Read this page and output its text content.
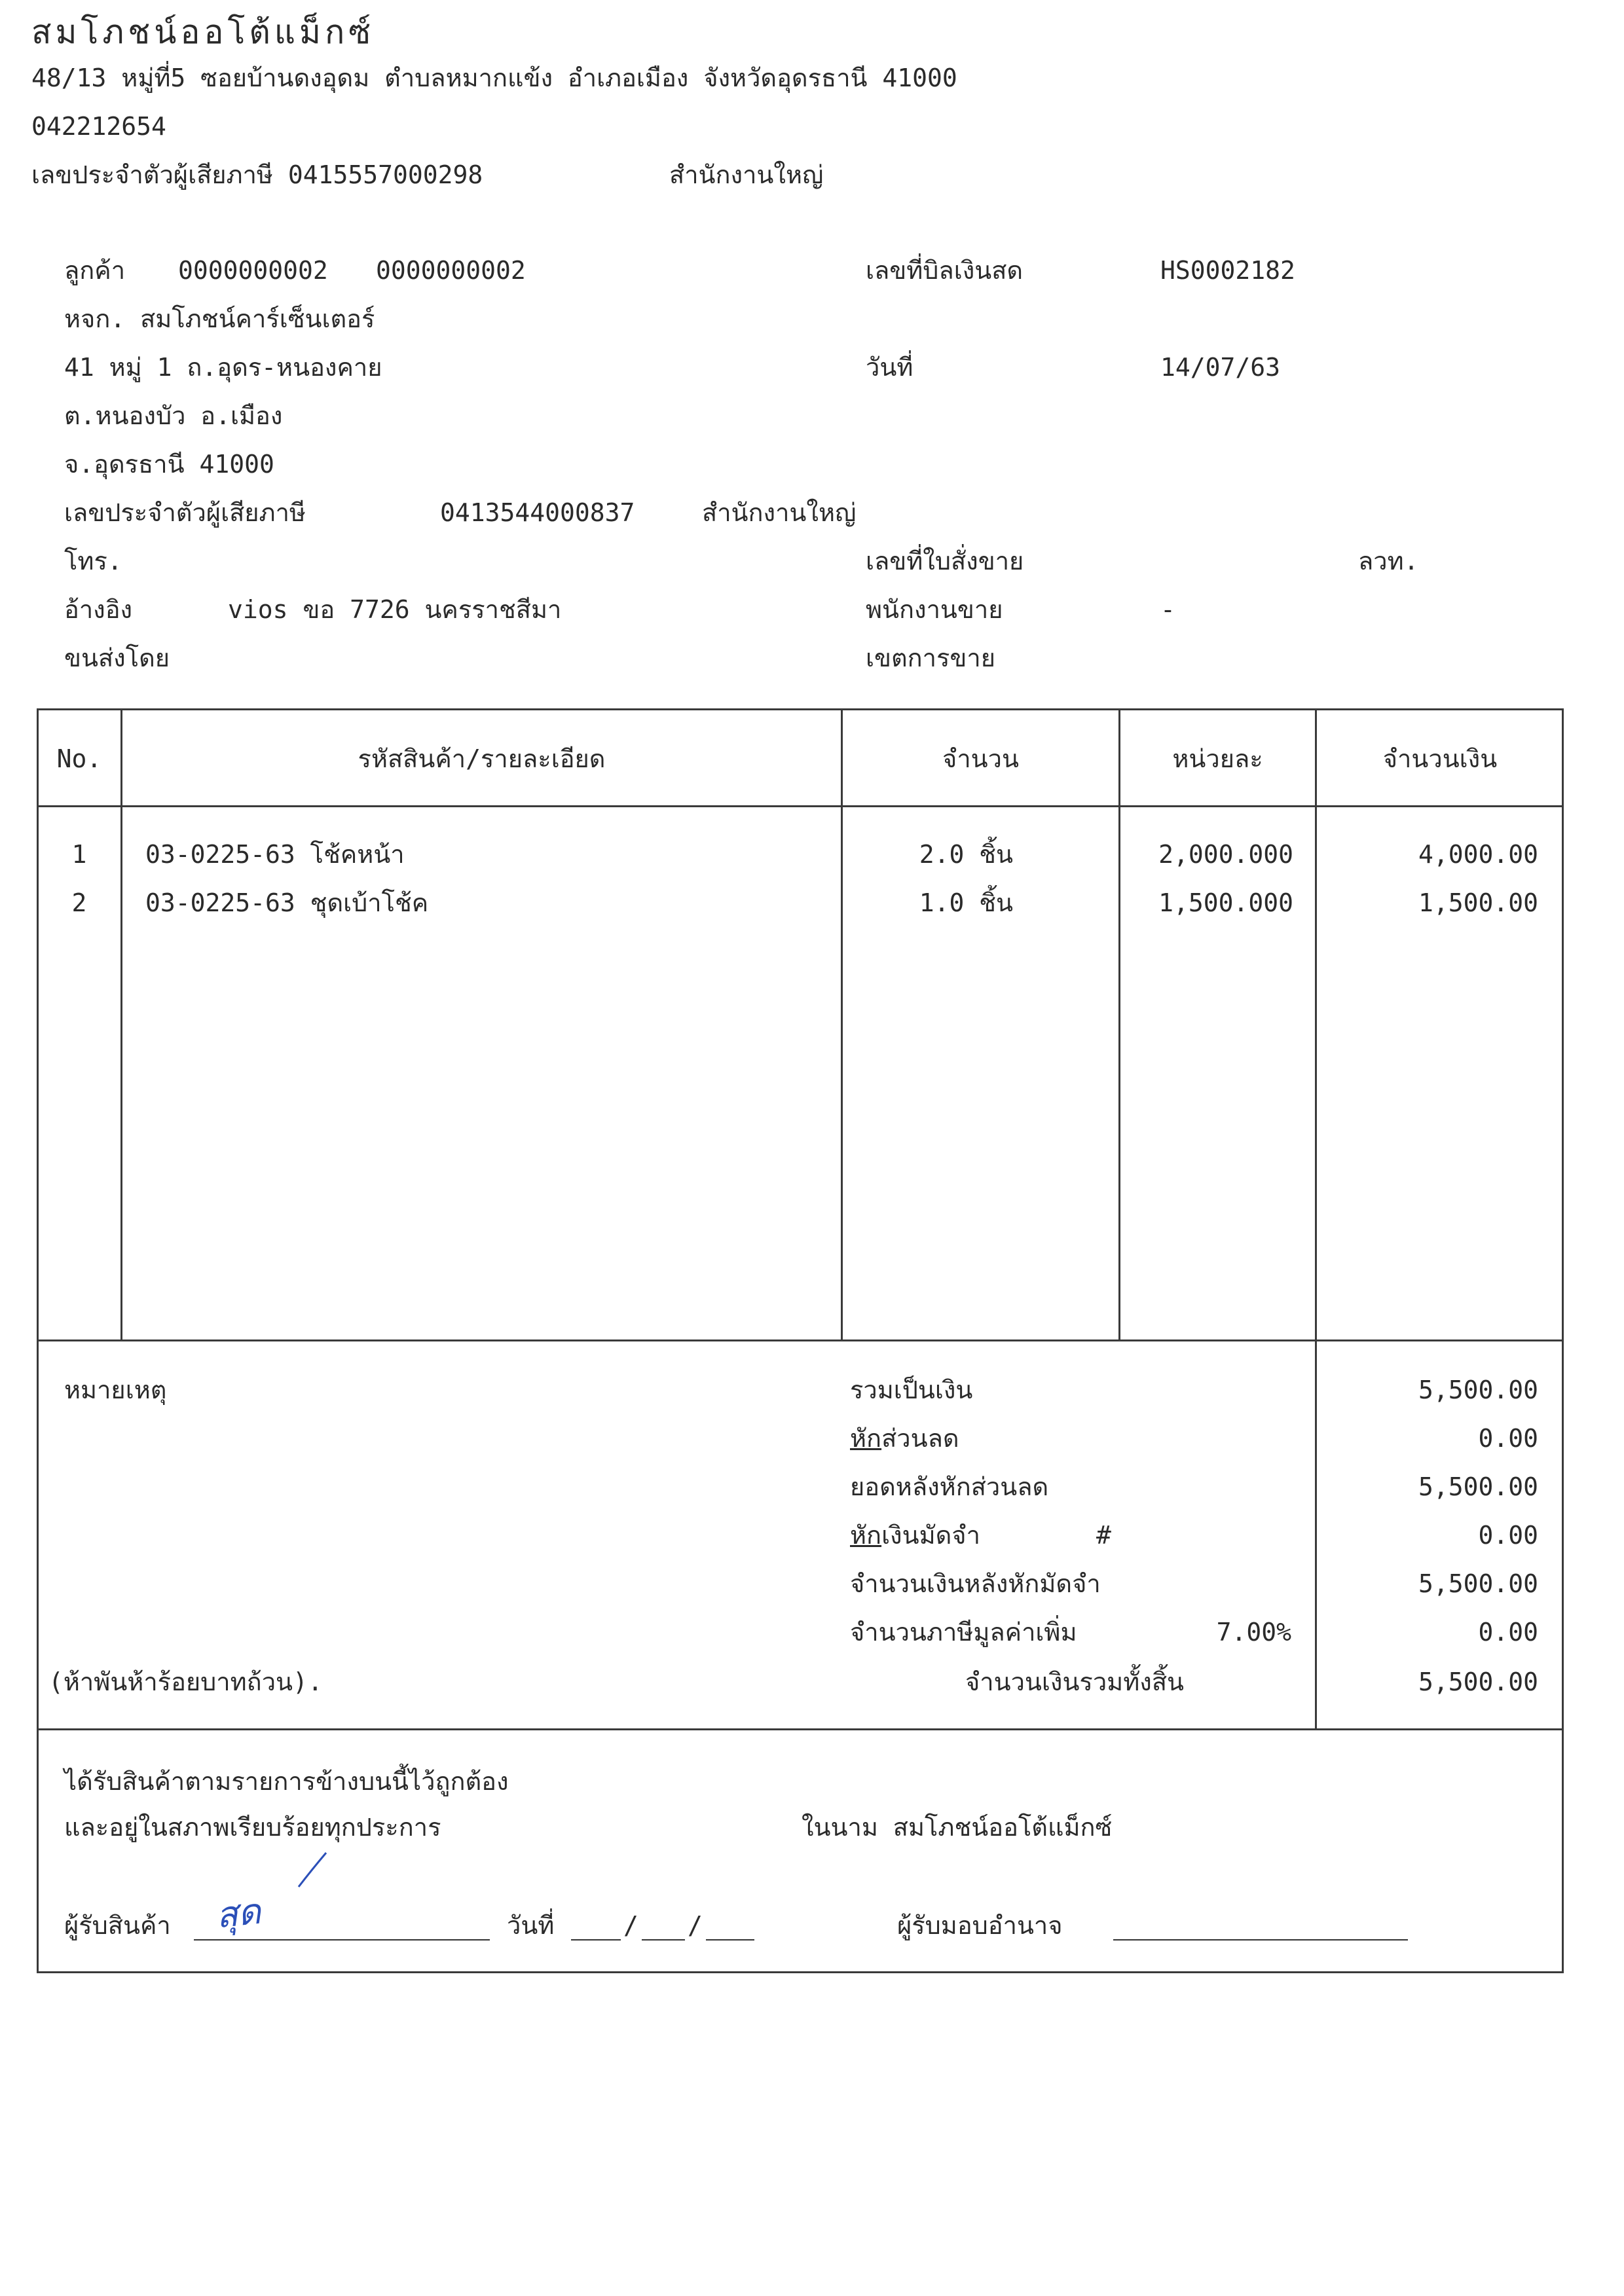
สมโภชน์ออโต้แม็กซ์
48/13 หมู่ที่5 ซอยบ้านดงอุดม ตำบลหมากแข้ง อำเภอเมือง จังหวัดอุดรธานี 41000
042212654
เลขประจำตัวผู้เสียภาษี 0415557000298	สำนักงานใหญ่
ลูกค้า 0000000002 0000000002
หจก. สมโภชน์คาร์เซ็นเตอร์
41 หมู่ 1 ถ.อุดร-หนองคาย
ต.หนองบัว อ.เมือง
จ.อุดรธานี 41000
เลขประจำตัวผู้เสียภาษี	0413544000837	สำนักงานใหญ่
โทร.
อ้างอิง	vios ขอ 7726 นครราชสีมา
ขนส่งโดย
เลขที่บิลเงินสด	HS0002182
วันที่	14/07/63
เลขที่ใบสั่งขาย	ลวท.
พนักงานขาย	-
เขตการขาย
No.	รหัสสินค้า/รายละเอียด	จำนวน	หน่วยละ	จำนวนเงิน
1	03-0225-63 โช้คหน้า	2.0 ชิ้น	2,000.000	4,000.00
2	03-0225-63 ชุดเบ้าโช้ค	1.0 ชิ้น	1,500.000	1,500.00
หมายเหตุ
(ห้าพันห้าร้อยบาทถ้วน).
รวมเป็นเงิน	5,500.00
หักส่วนลด	0.00
ยอดหลังหักส่วนลด	5,500.00
หักเงินมัดจำ	#	0.00
จำนวนเงินหลังหักมัดจำ	5,500.00
จำนวนภาษีมูลค่าเพิ่ม	7.00%	0.00
จำนวนเงินรวมทั้งสิ้น	5,500.00
ได้รับสินค้าตามรายการข้างบนนี้ไว้ถูกต้อง
และอยู่ในสภาพเรียบร้อยทุกประการ	ในนาม สมโภชน์ออโต้แม็กซ์
ผู้รับสินค้า สุด	วันที่	/ /	ผู้รับมอบอำนาจ
